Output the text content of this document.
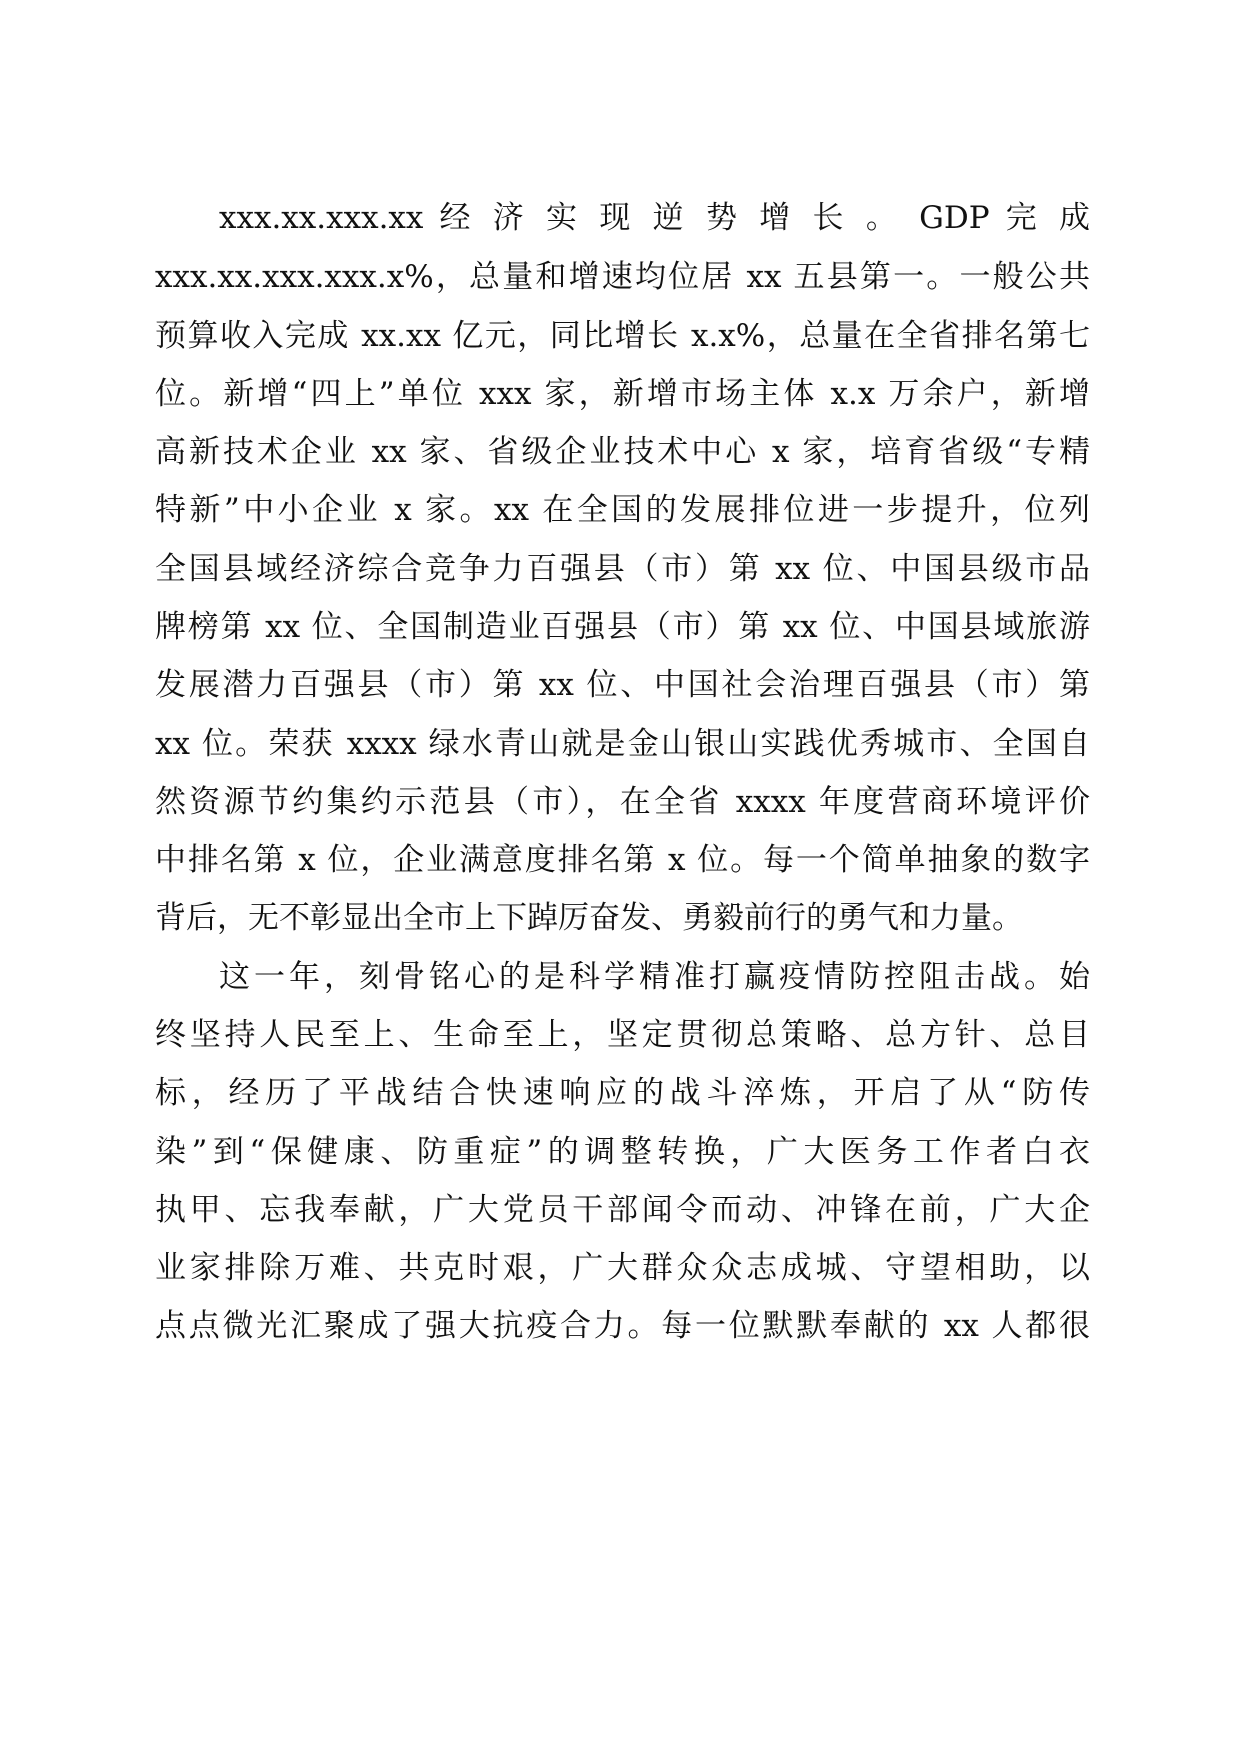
xxx.xx.xxx.xx 经 济 实 现 逆 势 增 长 。 GDP 完 成
xxx.xx.xxx.xxx.x%，总量和增速均位居 xx 五县第一。一般公共
预算收入完成 xx.xx 亿元，同比增长 x.x%，总量在全省排名第七
位。新增“四上”单位 xxx 家，新增市场主体 x.x 万余户，新增
高新技术企业 xx 家、省级企业技术中心 x 家，培育省级“专精
特新”中小企业 x 家。xx 在全国的发展排位进一步提升，位列
全国县域经济综合竞争力百强县（市）第 xx 位、中国县级市品
牌榜第 xx 位、全国制造业百强县（市）第 xx 位、中国县域旅游
发展潜力百强县（市）第 xx 位、中国社会治理百强县（市）第
xx 位。荣获 xxxx 绿水青山就是金山银山实践优秀城市、全国自
然资源节约集约示范县（市），在全省 xxxx 年度营商环境评价
中排名第 x 位，企业满意度排名第 x 位。每一个简单抽象的数字
背后，无不彰显出全市上下踔厉奋发、勇毅前行的勇气和力量。
这一年，刻骨铭心的是科学精准打赢疫情防控阻击战。始
终坚持人民至上、生命至上，坚定贯彻总策略、总方针、总目
标，经历了平战结合快速响应的战斗淬炼，开启了从“防传
染”到“保健康、防重症”的调整转换，广大医务工作者白衣
执甲、忘我奉献，广大党员干部闻令而动、冲锋在前，广大企
业家排除万难、共克时艰，广大群众众志成城、守望相助，以
点点微光汇聚成了强大抗疫合力。每一位默默奉献的 xx 人都很
